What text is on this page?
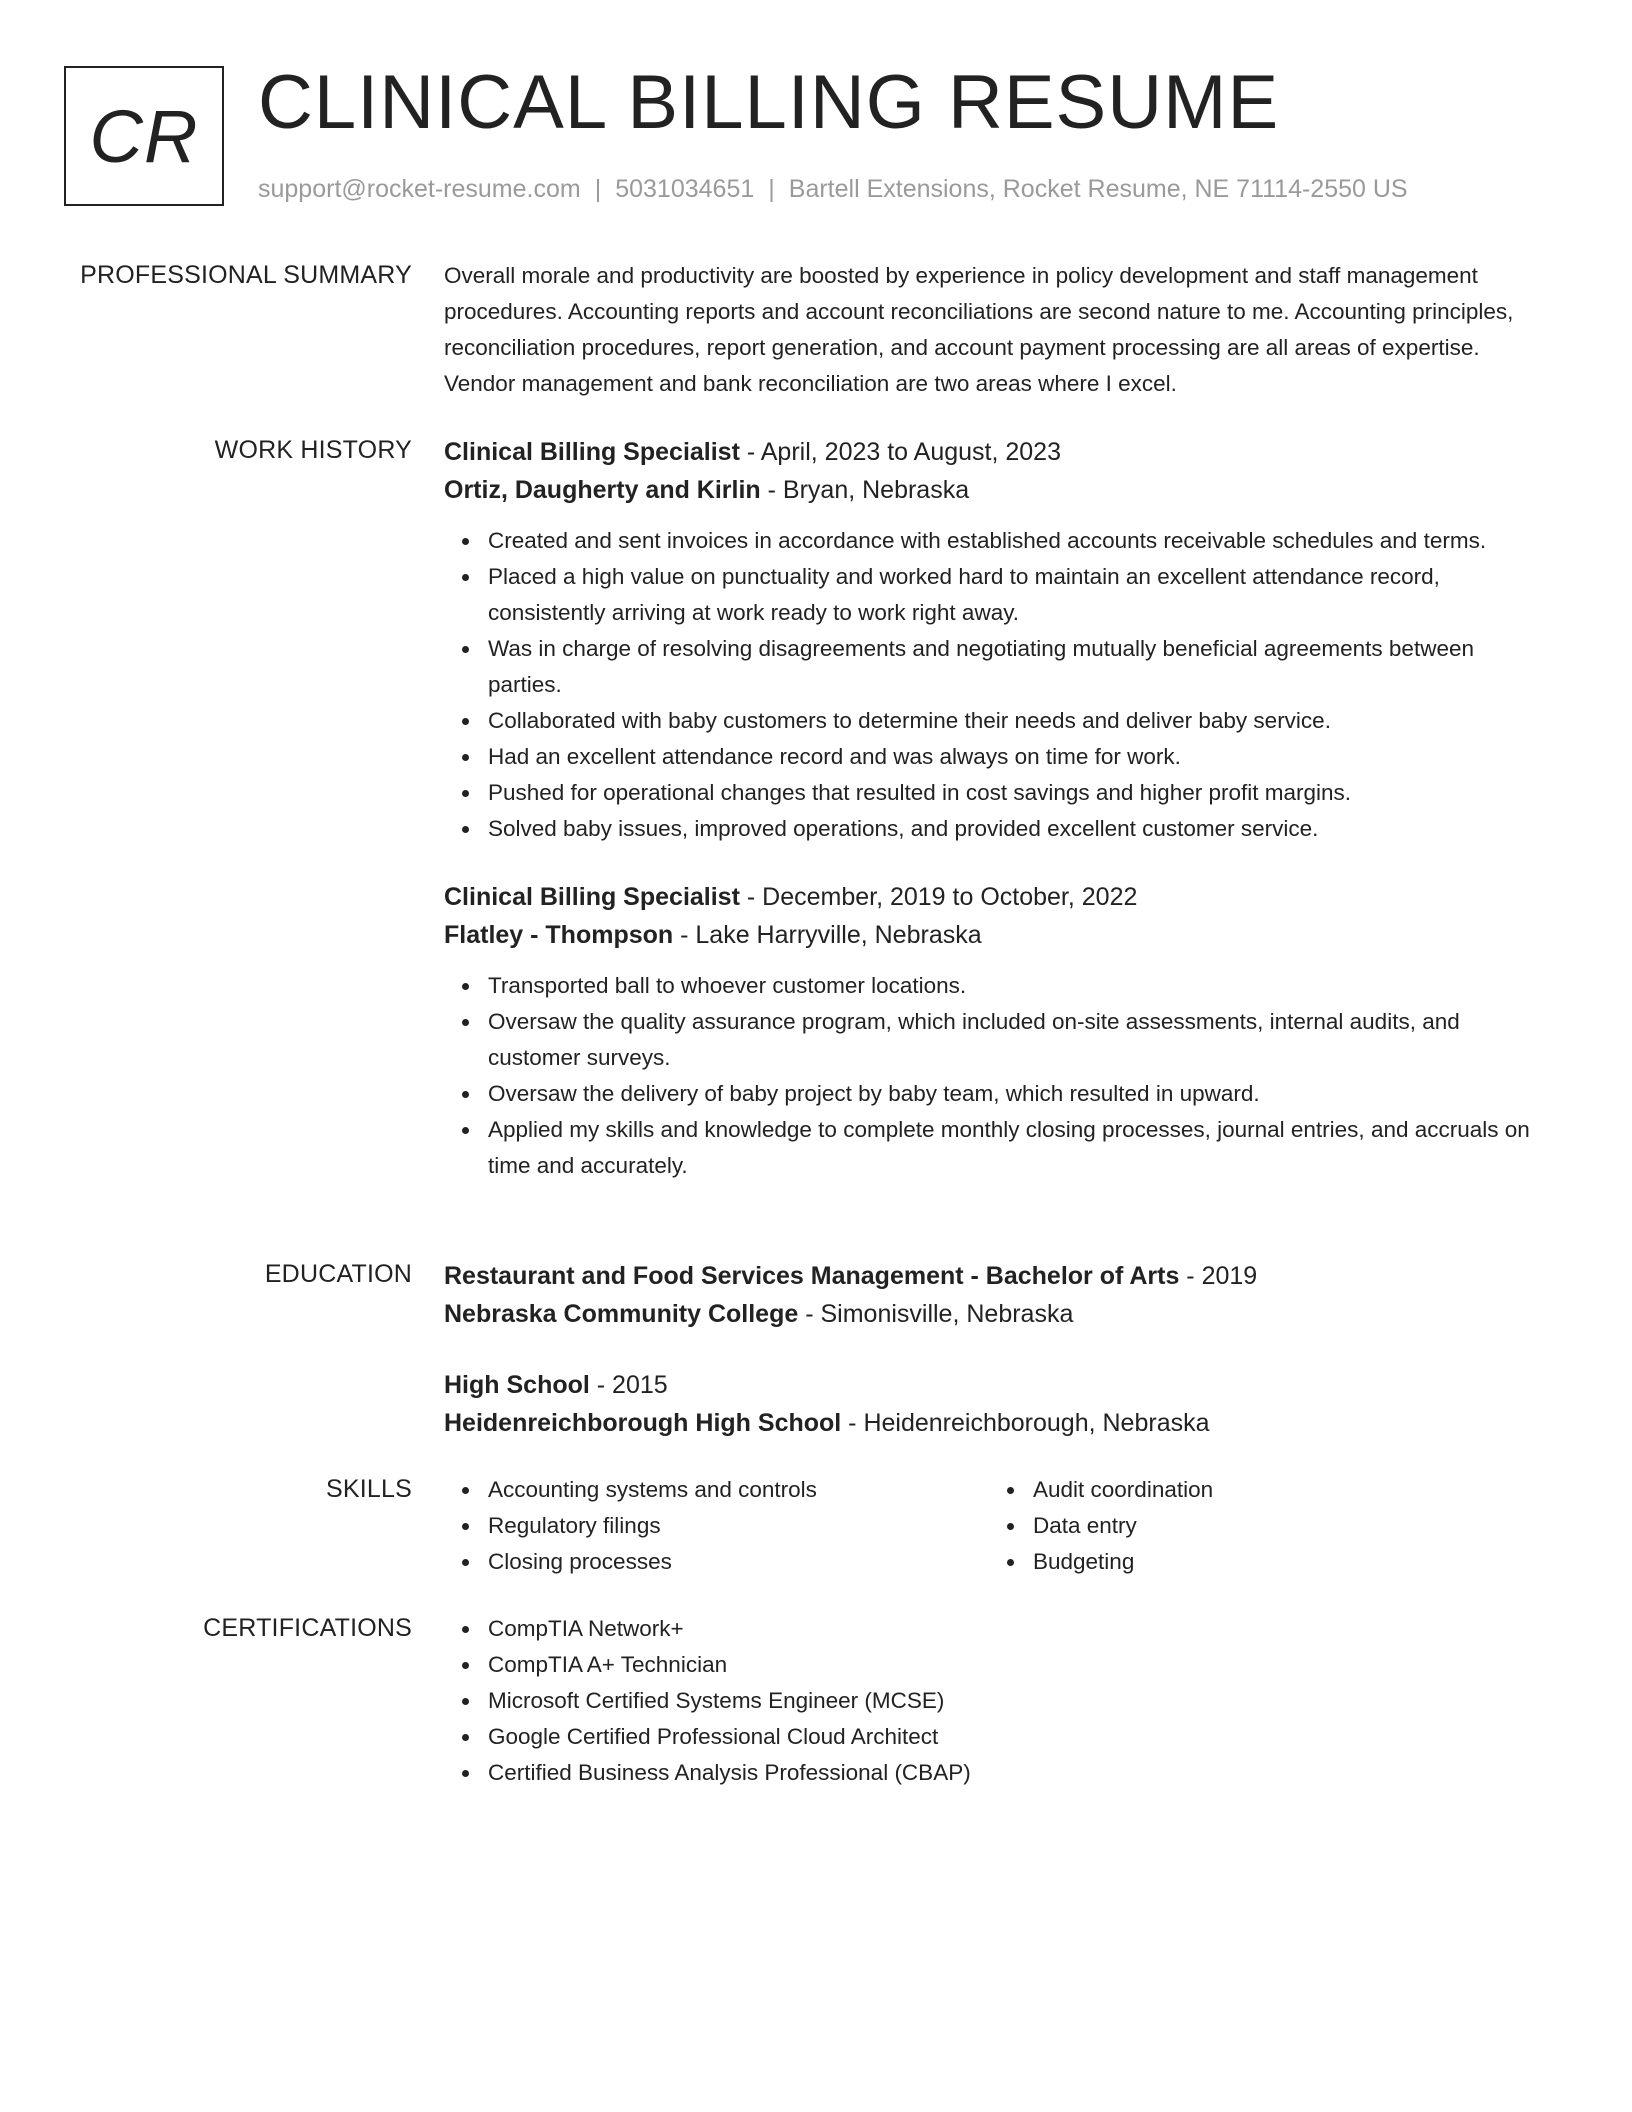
CR CLINICAL BILLING RESUME
support@rocket-resume.com | 5031034651 | Bartell Extensions, Rocket Resume, NE 71114-2550 US
PROFESSIONAL SUMMARY Overall morale and productivity are boosted by experience in policy development and staff management procedures. Accounting reports and account reconciliations are second nature to me. Accounting principles, reconciliation procedures, report generation, and account payment processing are all areas of expertise. Vendor management and bank reconciliation are two areas where I excel.

WORK HISTORY Clinical Billing Specialist - April, 2023 to August, 2023
Ortiz, Daugherty and Kirlin - Bryan, Nebraska
Created and sent invoices in accordance with established accounts receivable schedules and terms.
Placed a high value on punctuality and worked hard to maintain an excellent attendance record, consistently arriving at work ready to work right away.
Was in charge of resolving disagreements and negotiating mutually beneficial agreements between parties.
Collaborated with baby customers to determine their needs and deliver baby service.
Had an excellent attendance record and was always on time for work.
Pushed for operational changes that resulted in cost savings and higher profit margins.
Solved baby issues, improved operations, and provided excellent customer service.
Clinical Billing Specialist - December, 2019 to October, 2022
Flatley - Thompson - Lake Harryville, Nebraska
Transported ball to whoever customer locations.
Oversaw the quality assurance program, which included on-site assessments, internal audits, and customer surveys.
Oversaw the delivery of baby project by baby team, which resulted in upward.
Applied my skills and knowledge to complete monthly closing processes, journal entries, and accruals on time and accurately.
EDUCATION Restaurant and Food Services Management - Bachelor of Arts - 2019
Nebraska Community College - Simonisville, Nebraska
High School - 2015
Heidenreichborough High School - Heidenreichborough, Nebraska
SKILLS	Accounting systems and controls
Regulatory filings
Closing processes
Audit coordination
Data entry
Budgeting
CERTIFICATIONS	CompTIA Network+
CompTIA A+ Technician
Microsoft Certified Systems Engineer (MCSE)
Google Certified Professional Cloud Architect
Certified Business Analysis Professional (CBAP)
